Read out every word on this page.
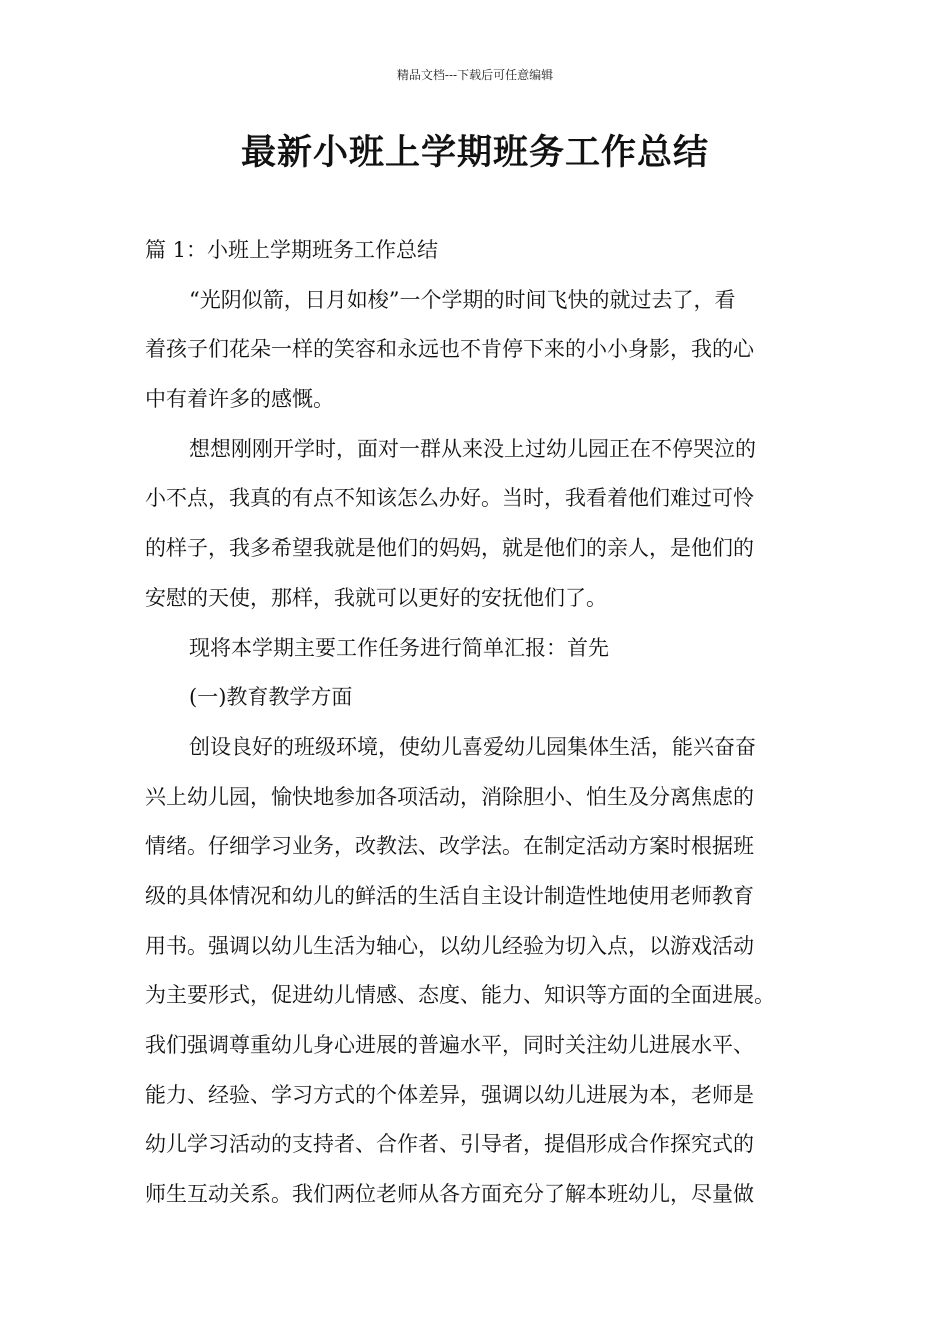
精品文档---下载后可任意编辑
最新小班上学期班务工作总结
篇 1：小班上学期班务工作总结
“光阴似箭，日月如梭”一个学期的时间飞快的就过去了，看
着孩子们花朵一样的笑容和永远也不肯停下来的小小身影，我的心
中有着许多的感慨。
想想刚刚开学时，面对一群从来没上过幼儿园正在不停哭泣的
小不点，我真的有点不知该怎么办好。当时，我看着他们难过可怜
的样子，我多希望我就是他们的妈妈，就是他们的亲人，是他们的
安慰的天使，那样，我就可以更好的安抚他们了。
现将本学期主要工作任务进行简单汇报：首先
(一)教育教学方面
创设良好的班级环境，使幼儿喜爱幼儿园集体生活，能兴奋奋
兴上幼儿园，愉快地参加各项活动，消除胆小、怕生及分离焦虑的
情绪。仔细学习业务，改教法、改学法。在制定活动方案时根据班
级的具体情况和幼儿的鲜活的生活自主设计制造性地使用老师教育
用书。强调以幼儿生活为轴心，以幼儿经验为切入点，以游戏活动
为主要形式，促进幼儿情感、态度、能力、知识等方面的全面进展。
我们强调尊重幼儿身心进展的普遍水平，同时关注幼儿进展水平、
能力、经验、学习方式的个体差异，强调以幼儿进展为本，老师是
幼儿学习活动的支持者、合作者、引导者，提倡形成合作探究式的
师生互动关系。我们两位老师从各方面充分了解本班幼儿，尽量做
